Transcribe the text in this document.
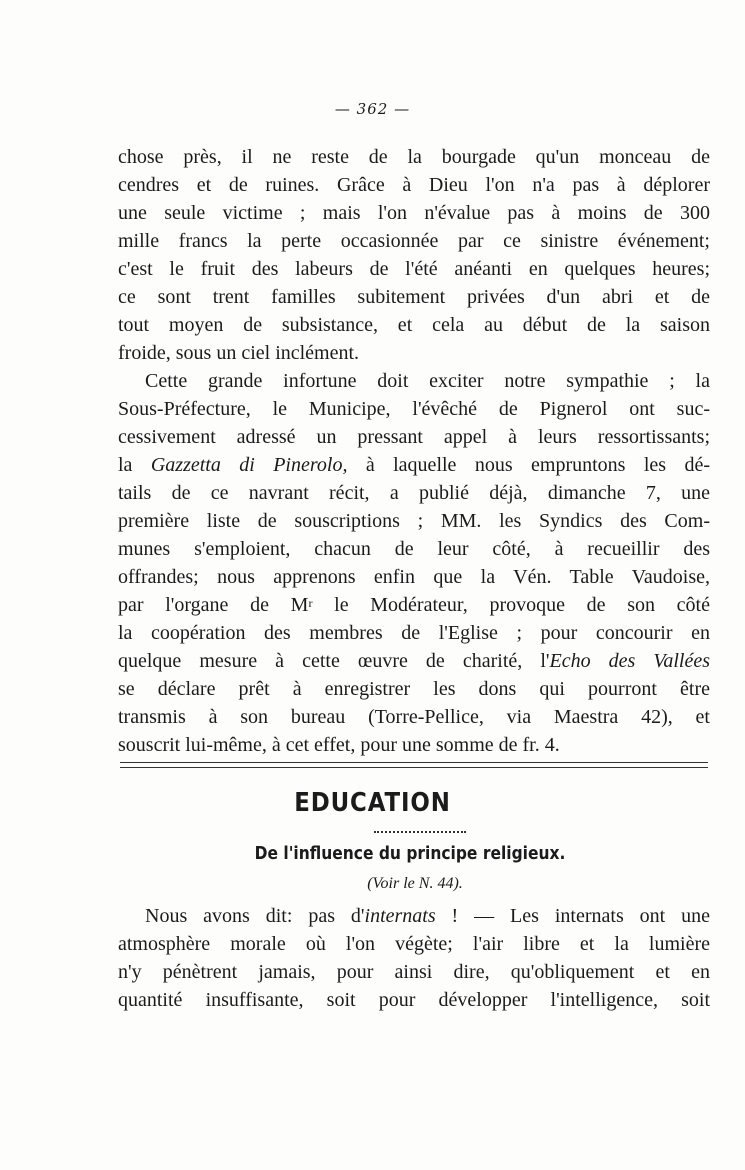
— 362 —
chose près, il ne reste de la bourgade qu'un monceau de
cendres et de ruines. Grâce à Dieu l'on n'a pas à déplorer
une seule victime ; mais l'on n'évalue pas à moins de 300
mille francs la perte occasionnée par ce sinistre événement;
c'est le fruit des labeurs de l'été anéanti en quelques heures;
ce sont trent familles subitement privées d'un abri et de
tout moyen de subsistance, et cela au début de la saison
froide, sous un ciel inclément.
Cette grande infortune doit exciter notre sympathie ; la
Sous-Préfecture, le Municipe, l'évêché de Pignerol ont suc-
cessivement adressé un pressant appel à leurs ressortissants;
la Gazzetta di Pinerolo, à laquelle nous empruntons les dé-
tails de ce navrant récit, a publié déjà, dimanche 7, une
première liste de souscriptions ; MM. les Syndics des Com-
munes s'emploient, chacun de leur côté, à recueillir des
offrandes; nous apprenons enfin que la Vén. Table Vaudoise,
par l'organe de $M^r$ le Modérateur, provoque de son côté
la coopération des membres de l'Eglise ; pour concourir en
quelque mesure à cette œuvre de charité, l'Echo des Vallées
se déclare prêt à enregistrer les dons qui pourront être
transmis à son bureau (Torre-Pellice, via Maestra 42), et
souscrit lui-même, à cet effet, pour une somme de fr. 4.
EDUCATION
De l'influence du principe religieux.
(Voir le N. 44).
Nous avons dit: pas d'internats ! — Les internats ont une
atmosphère morale où l'on végète; l'air libre et la lumière
n'y pénètrent jamais, pour ainsi dire, qu'obliquement et en
quantité insuffisante, soit pour développer l'intelligence, soit
